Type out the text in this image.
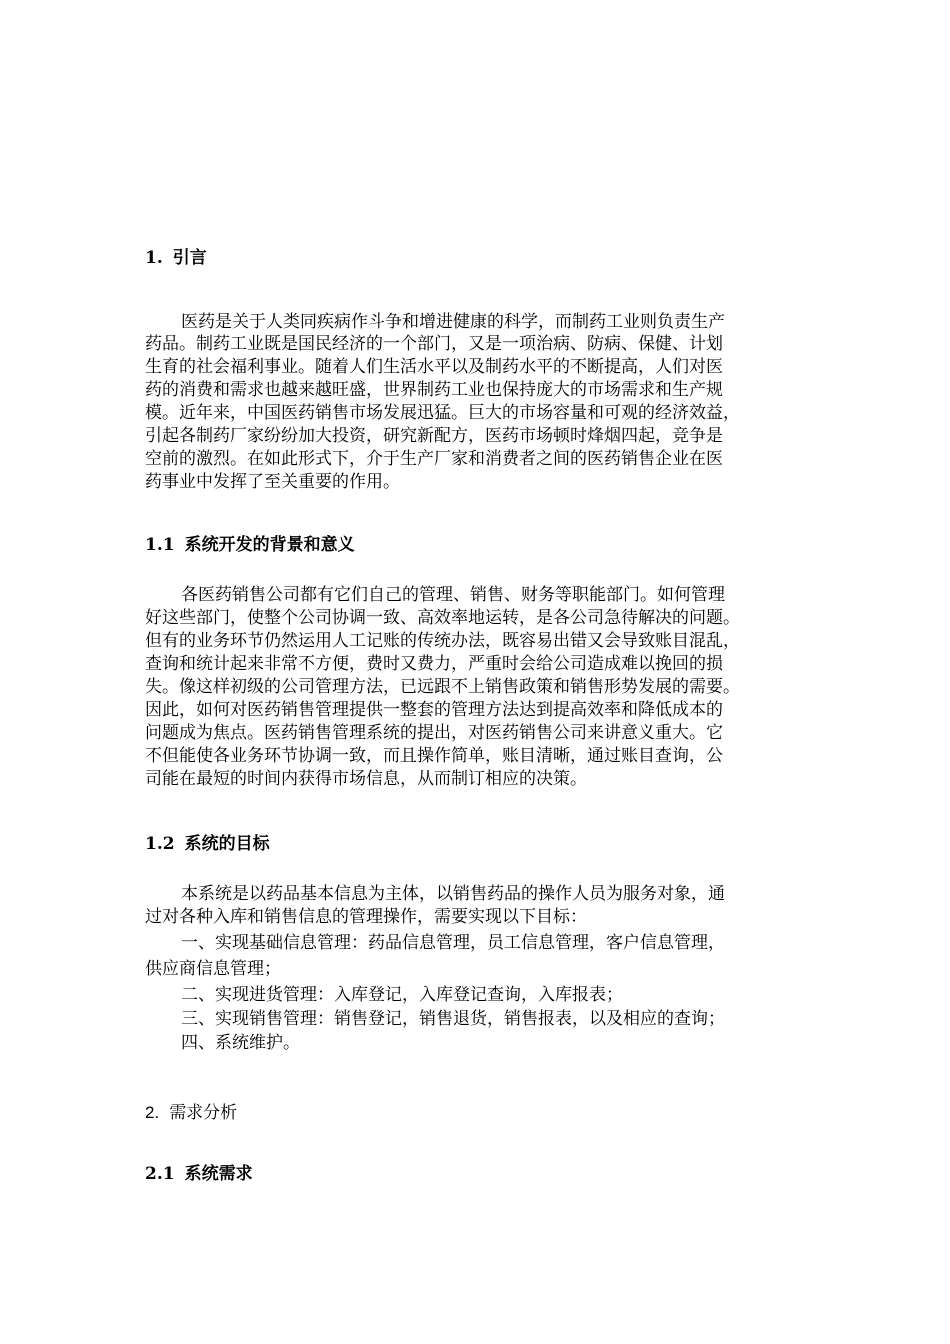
1. 引言
医药是关于人类同疾病作斗争和增进健康的科学，而制药工业则负责生产
药品。制药工业既是国民经济的一个部门，又是一项治病、防病、保健、计划
生育的社会福利事业。随着人们生活水平以及制药水平的不断提高，人们对医
药的消费和需求也越来越旺盛，世界制药工业也保持庞大的市场需求和生产规
模。近年来，中国医药销售市场发展迅猛。巨大的市场容量和可观的经济效益，
引起各制药厂家纷纷加大投资，研究新配方，医药市场顿时烽烟四起，竞争是
空前的激烈。在如此形式下，介于生产厂家和消费者之间的医药销售企业在医
药事业中发挥了至关重要的作用。
1.1 系统开发的背景和意义
各医药销售公司都有它们自己的管理、销售、财务等职能部门。如何管理
好这些部门，使整个公司协调一致、高效率地运转，是各公司急待解决的问题。
但有的业务环节仍然运用人工记账的传统办法，既容易出错又会导致账目混乱，
查询和统计起来非常不方便，费时又费力，严重时会给公司造成难以挽回的损
失。像这样初级的公司管理方法，已远跟不上销售政策和销售形势发展的需要。
因此，如何对医药销售管理提供一整套的管理方法达到提高效率和降低成本的
问题成为焦点。医药销售管理系统的提出，对医药销售公司来讲意义重大。它
不但能使各业务环节协调一致，而且操作简单，账目清晰，通过账目查询，公
司能在最短的时间内获得市场信息，从而制订相应的决策。
1.2 系统的目标
本系统是以药品基本信息为主体，以销售药品的操作人员为服务对象，通
过对各种入库和销售信息的管理操作，需要实现以下目标：
一、实现基础信息管理：药品信息管理，员工信息管理，客户信息管理，
供应商信息管理；
二、实现进货管理：入库登记，入库登记查询，入库报表；
三、实现销售管理：销售登记，销售退货，销售报表，以及相应的查询；
四、系统维护。
2. 需求分析
2.1 系统需求
